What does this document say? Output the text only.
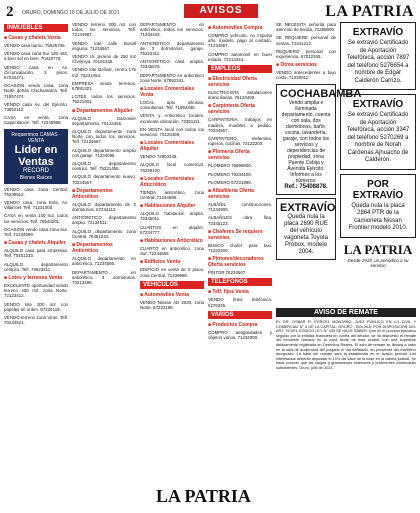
2 ORURO, DOMINGO 18 DE JULIO DE 2021	AVISOS	LA PATRIA
INMUEBLES
■ Casas y chalets Venta

VENDO casa barrio. 75625736.

VENDO casa zona Sur 120 mt2, a bien sol en bien. 70428776.

VENDO casa en Av. Circunvalación, 3 pisos. 67234471.

OCASION vendo casa, zona Norte detrás Chichamarca. Telf. 71857474.

VENDO casa Av. del Ejército. 73852112.

CASA en venta, zona Capacitación. Telf. 72345988.

Requerimos CAMAS · VENTA
Líder en
Ventas
RECORD
Bienes Raíces

VENDO casa zona Central. 75239912.

VENDO casa, zona Este, Av. Villarroel. Telf. 71231000.

CASA en venta 140 m2, todos los servicios. Telf. 76543201.

OCASION vendo casa zona Sur. Telf. 71234599.

■ Casas y chalets Alquiler

ALQUILO casa para empresas. Telf. 70451233.

ALQUILO departamento céntrico. Telf. 76923411.

■ Lotes y terrenos Venta

EXCELENTE oportunidad vendo terreno 400 m2, zona Norte. 72123412.

VENDO lote 300 m2 con papeles en orden. 67234119.

VENDO terreno zona Vinto. Telf. 70234521.

VENDO terreno 300 m2 con todos los servicios. Telf. 72134987.

VENDO lote calle Bosoll esquina. 71234567.

VENDO Ur. terreno de 250 m2 Chiriyoya. 70192345.

VENDO lote Bolívar, centro 175 m2. 76231454.

EMPRESA vende terrenos. 67891321.

LOTES todos los servicios. 75221001.

■ Departamentos Alquiler

ALQUILO Garzonier departamento, 76123455.

ALQUILO departamento zona Norte con todos los servicios. Telf. 72134567.

ALQUILO departamento amplio con garaje. 71234098.

ALQUILO departamento céntrico. Telf. 75321456.

ALQUILO departamento nuevo. 70234567.

■ Departamentos Anticrético

ALQUILO departamento de 2 dormitorios. 67234112.

ANTICRETICO departamento amplio. 72134511.

ALQUILO departamento zona Central. 76451234.

■ Departamentos Anticrético

ALQUILO departamento en anticrético. 71234566.

DEPARTAMENTO en anticrético, 3 dormitorios. 70213498.

DEPARTAMENTO en anticrético, todos los servicios. 71234433.

ANTICRETICO departamento de 3 dormitorios, garaje. 76223311.

ANTICRETICO casa amplia. 72345678.

DEPARTAMENTO en anticrético zona Norte. 67892341.

■ Locales Comerciales Venta

LOCAL apto oficinas, consultorios. Telf. 71892345.

VENTA y Anticrético locales, excelente ubicación. 72351111.

EN VENTA local con todos los servicios. 70123498.

■ Locales Comerciales Alquiler

VENDO 72903345.

ALQUILO local comercial. 76229100.

■ Locales Comerciales Anticrético

TIENDA anticrético, zona Central. 71234589.

■ Habitaciones Alquiler

ALQUILO habitación amplia. 72345011.

CUARTOS en alquiler. 67234777.

■ Habitaciones Anticrético

CUARTO en anticrético, zona Sur. 72234555.

■ Edificios Venta

EDIFICIO en venta de 5 pisos, zona Central. 71239988.

VEHÍCULOS
■ Automóviles Venta

VENDO Nissan AD 2020, zona Norte. 67222198.

■ Automóviles Compra

COMPRO vehículo, no importa año, modelo, pago al contado. 71234567.

COMPRO automóvil en buen estado. 72213344.

EMPLEOS
■ Electricidad Oferta servicios

ELECTRICISTA instalaciones domiciliarias. 76123400.

■ Carpintería Oferta servicios

CARPINTERIA, trabajos en madera, muebles a pedido. 70234567.

CARPINTERO, melamina, roperos, cocinas. 72122200.

■ Plomería Oferta servicios

PLOMERO 76998800.

PLOMERO 70234100.

PLOMERO 67231999.

■ Albañilería Oferta servicios

ALBAÑIL construcciones. 71234900.

ALBAÑILES obra fina. 72345123.

■ Choferes Se requiere servicios

BUSCO chofer para taxi. 71223300.

■ Pintores/decoradores Oferta servicios

PINTOR 76234567.

TELÉFONOS
■ Telf. fijos Venta

VENDO línea telefónica. 5276345.

VARIOS
■ Productos Compra

COMPRO antigüedades y objetos varios. 71234000.

SE NECESITA señorita para atención de tienda. 71298000.

SE REQUIERE personal de ventas. 72341212.

REQUIERO personal con experiencia. 67012345.

■ Otros servicios

VENDO antecedentes a bajo costo. 71230011.

COCHABAMBA
Vendo amplia e iluminada departamento, cuenta con sala, dos dormitorios, baño, cocina, lavandería, garaje, con todos los servicios y dependencias de propiedad, zona Puente Cobija y Avenida Ejército. Informes a los números:
Ref.: 75408878.
EXTRAVÍO
Queda nula la placa 2690 RUE del vehículo vagoneta Toyota Probox, modelo 2004.
EXTRAVÍO
Se extravió Certificado de Aportación Telefónica, acción 7897 del teléfono 5276654 a nombre de Edgar Calderón Carrizo.
EXTRAVÍO
Se extravió Certificado de Aportación Telefónica, acción 3347 del teléfono 5270269 a nombre de Norah Cárdenas Ajhuacho de Calderón.
POR EXTRAVÍO
Queda nula la placa 2864 PTR de la camioneta Nissan Frontier modelo 2010.
LA PATRIA
Desde 1919, un periódico a su servicio
AVISO DE REMATE
EL DR. OSBAR R. PORCEL MONTAÑO, JUEZ PÚBLICO EN LO CIVIL Y COMERCIAL N° 6 DE LA CAPITAL, ORURO - BOLIVIA, POR DISPOSICIÓN DEL ART. 76 DEL CÓDIGO LEY N° 439 SE HACE SABER: Que en el proceso ejecutivo seguido por la entidad financiera en contra del deudor, se ha dispuesto el remate del inmueble ubicado en la zona Norte de esta ciudad, con una superficie debidamente registrada en Derechos Reales. El acto de remate se llevará a cabo en la sala de audiencias del juzgado el día señalado, en presencia del martillero designado. La base del remate será la establecida en el avalúo pericial. Los interesados deberán depositar el 10% del valor de la base en la cuenta judicial. Se hace conocer que las cargas y gravámenes anteriores y preferentes continuarán subsistentes. Oruro, julio de 2021.
LA PATRIA
